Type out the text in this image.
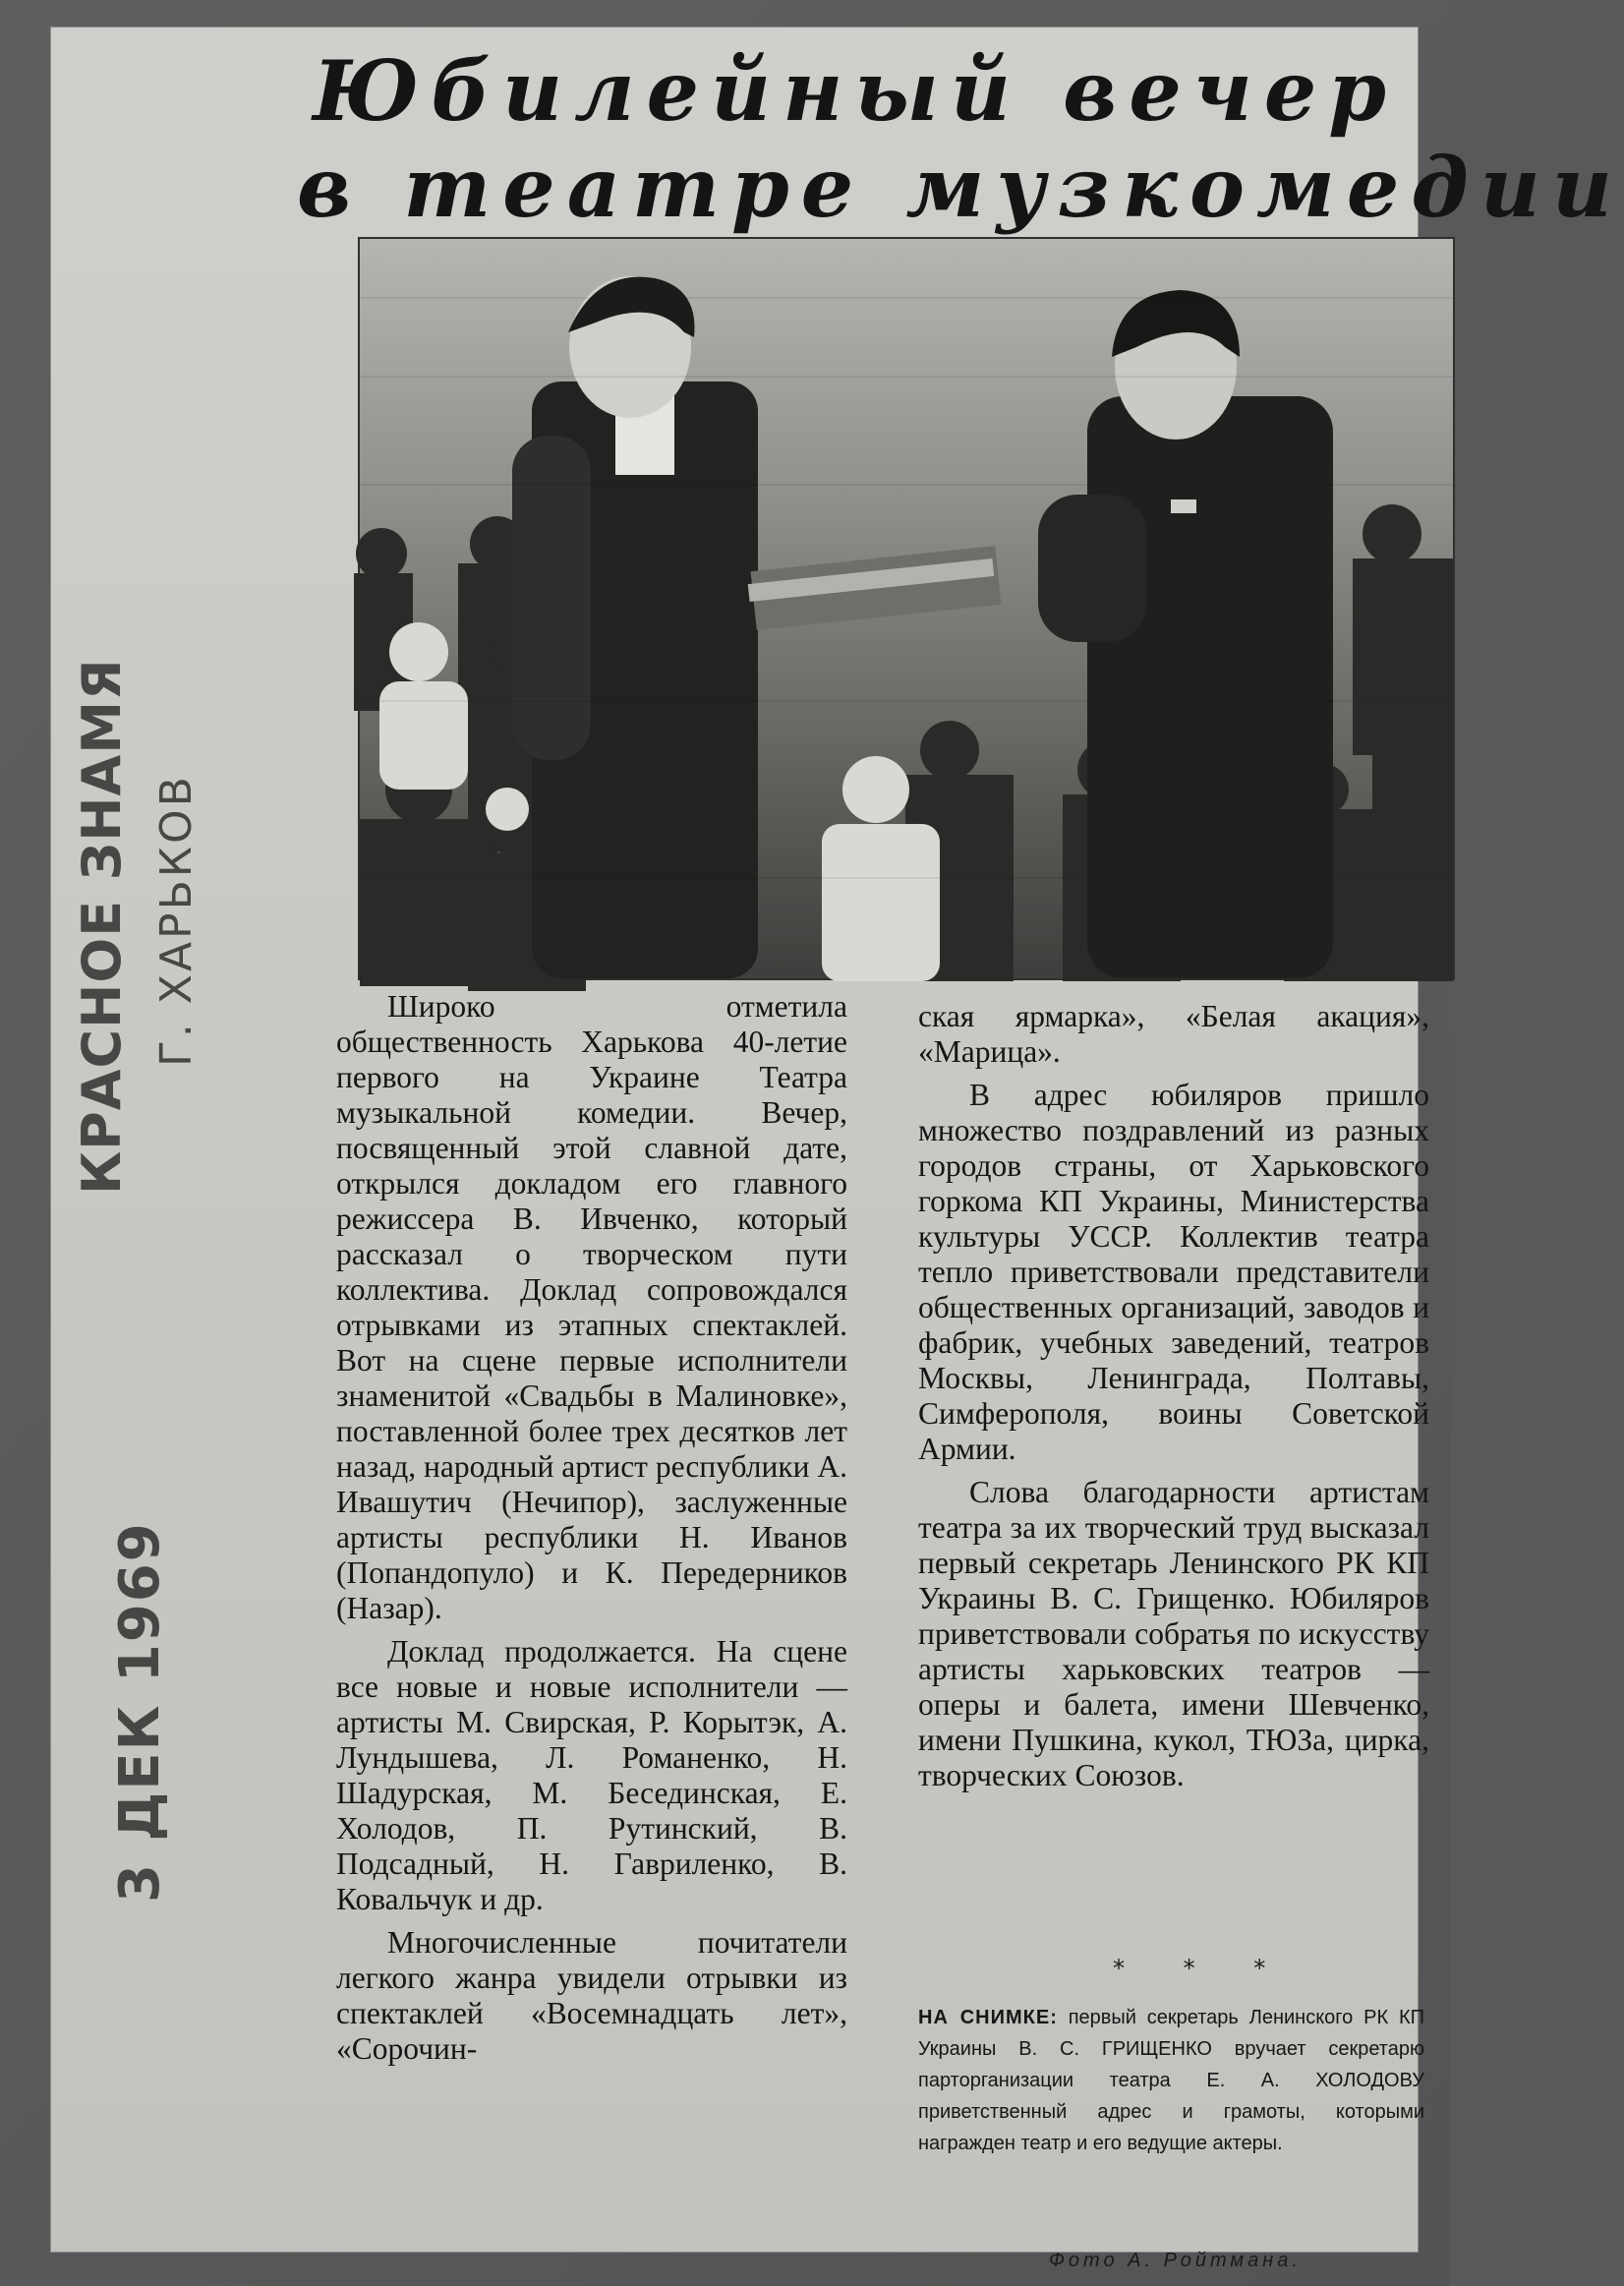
Юбилейный вечер
в театре музкомедии

Широко отметила общественность Харькова 40-летие первого на Украине Театра музыкальной комедии. Вечер, посвященный этой славной дате, открылся докладом его главного режиссера В. Ивченко, который рассказал о творческом пути коллектива. Доклад сопровождался отрывками из этапных спектаклей. Вот на сцене первые исполнители знаменитой «Свадьбы в Малиновке», поставленной более трех десятков лет назад, народный артист республики А. Ивашутич (Нечипор), заслуженные артисты республики Н. Иванов (Попандопуло) и К. Передерников (Назар).

Доклад продолжается. На сцене все новые и новые исполнители — артисты М. Свирская, Р. Корытэк, А. Лундышева, Л. Романенко, Н. Шадурская, М. Бесединская, Е. Холодов, П. Рутинский, В. Подсадный, Н. Гавриленко, В. Ковальчук и др.

Многочисленные почитатели легкого жанра увидели отрывки из спектаклей «Восемнадцать лет», «Сорочин-

ская ярмарка», «Белая акация», «Марица».

В адрес юбиляров пришло множество поздравлений из разных городов страны, от Харьковского горкома КП Украины, Министерства культуры УССР. Коллектив театра тепло приветствовали представители общественных организаций, заводов и фабрик, учебных заведений, театров Москвы, Ленинграда, Полтавы, Симферополя, воины Советской Армии.

Слова благодарности артистам театра за их творческий труд высказал первый секретарь Ленинского РК КП Украины В. С. Грищенко. Юбиляров приветствовали собратья по искусству артисты харьковских театров — оперы и балета, имени Шевченко, имени Пушкина, кукол, ТЮЗа, цирка, творческих Союзов.

* * *

НА СНИМКЕ: первый секретарь Ленинского РК КП Украины В. С. ГРИЩЕНКО вручает секретарю парторганизации театра Е. А. ХОЛОДОВУ приветственный адрес и грамоты, которыми награжден театр и его ведущие актеры.

Фото А. Ройтмана.
КРАСНОЕ ЗНАМЯ Г. ХАРЬКОВ
3 ДЕК 1969
